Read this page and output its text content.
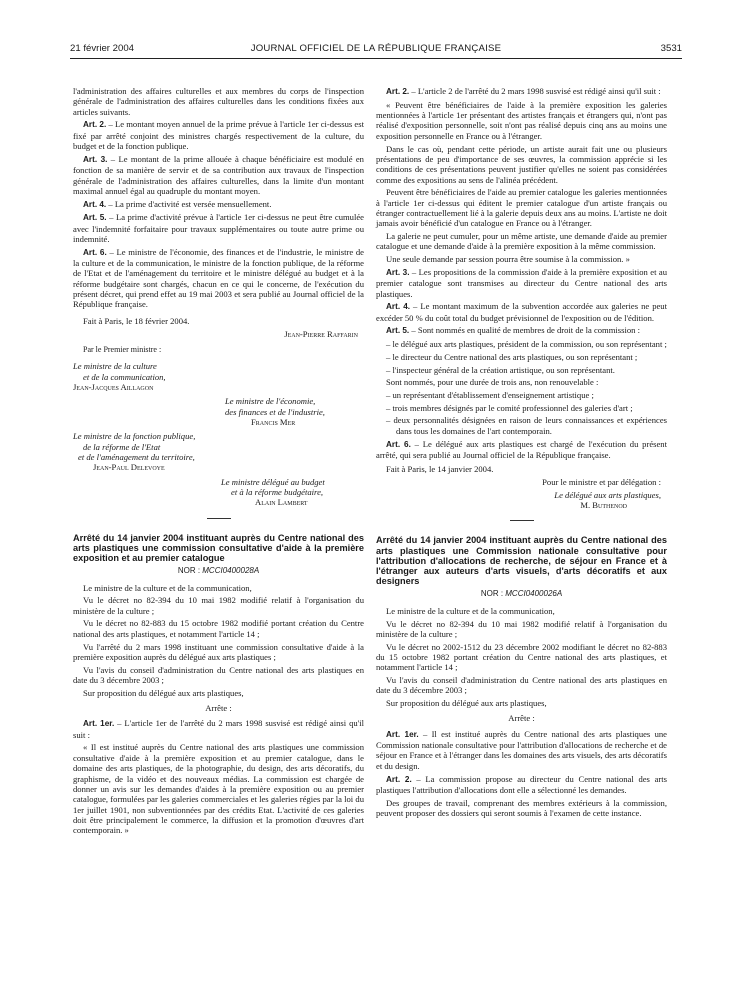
21 février 2004	JOURNAL OFFICIEL DE LA RÉPUBLIQUE FRANÇAISE	3531

l'administration des affaires culturelles et aux membres du corps de l'inspection générale de l'administration des affaires culturelles dans les conditions fixées aux articles suivants.

Art. 2. – Le montant moyen annuel de la prime prévue à l'article 1er ci-dessus est fixé par arrêté conjoint des ministres chargés respectivement de la culture, du budget et de la fonction publique.

Art. 3. – Le montant de la prime allouée à chaque bénéficiaire est modulé en fonction de sa manière de servir et de sa contribution aux travaux de l'inspection générale de l'administration des affaires culturelles, dans la limite d'un montant maximal annuel égal au quadruple du montant moyen.

Art. 4. – La prime d'activité est versée mensuellement.

Art. 5. – La prime d'activité prévue à l'article 1er ci-dessus ne peut être cumulée avec l'indemnité forfaitaire pour travaux supplémentaires ou toute autre prime ou indemnité.

Art. 6. – Le ministre de l'économie, des finances et de l'industrie, le ministre de la culture et de la communication, le ministre de la fonction publique, de la réforme de l'Etat et de l'aménagement du territoire et le ministre délégué au budget et à la réforme budgétaire sont chargés, chacun en ce qui le concerne, de l'exécution du présent décret, qui prend effet au 19 mai 2003 et sera publié au Journal officiel de la République française.

Fait à Paris, le 18 février 2004.

Jean-Pierre Raffarin

Par le Premier ministre :

Le ministre de la culture

et de la communication,

Jean-Jacques Aillagon

Le ministre de l'économie,

des finances et de l'industrie,

Francis Mer

Le ministre de la fonction publique,

de la réforme de l'Etat

et de l'aménagement du territoire,

Jean-Paul Delevoye

Le ministre délégué au budget

et à la réforme budgétaire,

Alain Lambert

Arrêté du 14 janvier 2004 instituant auprès du Centre national des arts plastiques une commission consultative d'aide à la première exposition et au premier catalogue

NOR : MCCI0400028A

Le ministre de la culture et de la communication,

Vu le décret no 82-394 du 10 mai 1982 modifié relatif à l'organisation du ministère de la culture ;

Vu le décret no 82-883 du 15 octobre 1982 modifié portant création du Centre national des arts plastiques, et notamment l'article 14 ;

Vu l'arrêté du 2 mars 1998 instituant une commission consultative d'aide à la première exposition auprès du délégué aux arts plastiques ;

Vu l'avis du conseil d'administration du Centre national des arts plastiques en date du 3 décembre 2003 ;

Sur proposition du délégué aux arts plastiques,

Arrête :

Art. 1er. – L'article 1er de l'arrêté du 2 mars 1998 susvisé est rédigé ainsi qu'il suit :

« Il est institué auprès du Centre national des arts plastiques une commission consultative d'aide à la première exposition et au premier catalogue, dans le domaine des arts plastiques, de la photographie, du design, des arts décoratifs, du graphisme, de la vidéo et des nouveaux médias. La commission est chargée de donner un avis sur les demandes d'aides à la première exposition ou au premier catalogue, formulées par les galeries commerciales et les galeries régies par la loi du 1er juillet 1901, non subventionnées par des crédits Etat. L'activité de ces galeries doit être principalement le commerce, la diffusion et la promotion d'œuvres d'art contemporain. »

Art. 2. – L'article 2 de l'arrêté du 2 mars 1998 susvisé est rédigé ainsi qu'il suit :

« Peuvent être bénéficiaires de l'aide à la première exposition les galeries mentionnées à l'article 1er présentant des artistes français et étrangers qui, n'ont pas réalisé d'exposition personnelle, soit n'ont pas réalisé depuis cinq ans au moins une exposition personnelle en France ou à l'étranger.

Dans le cas où, pendant cette période, un artiste aurait fait une ou plusieurs présentations de peu d'importance de ses œuvres, la commission apprécie si les conditions de ces présentations peuvent justifier qu'elles ne soient pas considérées comme des expositions au sens de l'alinéa précédent.

Peuvent être bénéficiaires de l'aide au premier catalogue les galeries mentionnées à l'article 1er ci-dessus qui éditent le premier catalogue d'un artiste français ou étranger contractuellement lié à la galerie depuis deux ans au moins. L'artiste ne doit jamais avoir bénéficié d'un catalogue en France ou à l'étranger.

La galerie ne peut cumuler, pour un même artiste, une demande d'aide au premier catalogue et une demande d'aide à la première exposition à la même commission.

Une seule demande par session pourra être soumise à la commission. »

Art. 3. – Les propositions de la commission d'aide à la première exposition et au premier catalogue sont transmises au directeur du Centre national des arts plastiques.

Art. 4. – Le montant maximum de la subvention accordée aux galeries ne peut excéder 50 % du coût total du budget prévisionnel de l'exposition ou de l'édition.

Art. 5. – Sont nommés en qualité de membres de droit de la commission :

– le délégué aux arts plastiques, président de la commission, ou son représentant ;

– le directeur du Centre national des arts plastiques, ou son représentant ;

– l'inspecteur général de la création artistique, ou son représentant.

Sont nommés, pour une durée de trois ans, non renouvelable :

– un représentant d'établissement d'enseignement artistique ;

– trois membres désignés par le comité professionnel des galeries d'art ;

– deux personnalités désignées en raison de leurs connaissances et expériences dans tous les domaines de l'art contemporain.

Art. 6. – Le délégué aux arts plastiques est chargé de l'exécution du présent arrêté, qui sera publié au Journal officiel de la République française.

Fait à Paris, le 14 janvier 2004.

Pour le ministre et par délégation :

Le délégué aux arts plastiques,

M. Buthenod

Arrêté du 14 janvier 2004 instituant auprès du Centre national des arts plastiques une Commission nationale consultative pour l'attribution d'allocations de recherche, de séjour en France et à l'étranger aux auteurs d'arts visuels, d'arts décoratifs et aux designers

NOR : MCCI0400026A

Le ministre de la culture et de la communication,

Vu le décret no 82-394 du 10 mai 1982 modifié relatif à l'organisation du ministère de la culture ;

Vu le décret no 2002-1512 du 23 décembre 2002 modifiant le décret no 82-883 du 15 octobre 1982 portant création du Centre national des arts plastiques, et notamment l'article 14 ;

Vu l'avis du conseil d'administration du Centre national des arts plastiques en date du 3 décembre 2003 ;

Sur proposition du délégué aux arts plastiques,

Arrête :

Art. 1er. – Il est institué auprès du Centre national des arts plastiques une Commission nationale consultative pour l'attribution d'allocations de recherche et de séjour en France et à l'étranger dans les domaines des arts visuels, des arts décoratifs et du design.

Art. 2. – La commission propose au directeur du Centre national des arts plastiques l'attribution d'allocations dont elle a sélectionné les demandes.

Des groupes de travail, comprenant des membres extérieurs à la commission, peuvent proposer des dossiers qui seront soumis à l'examen de cette instance.
